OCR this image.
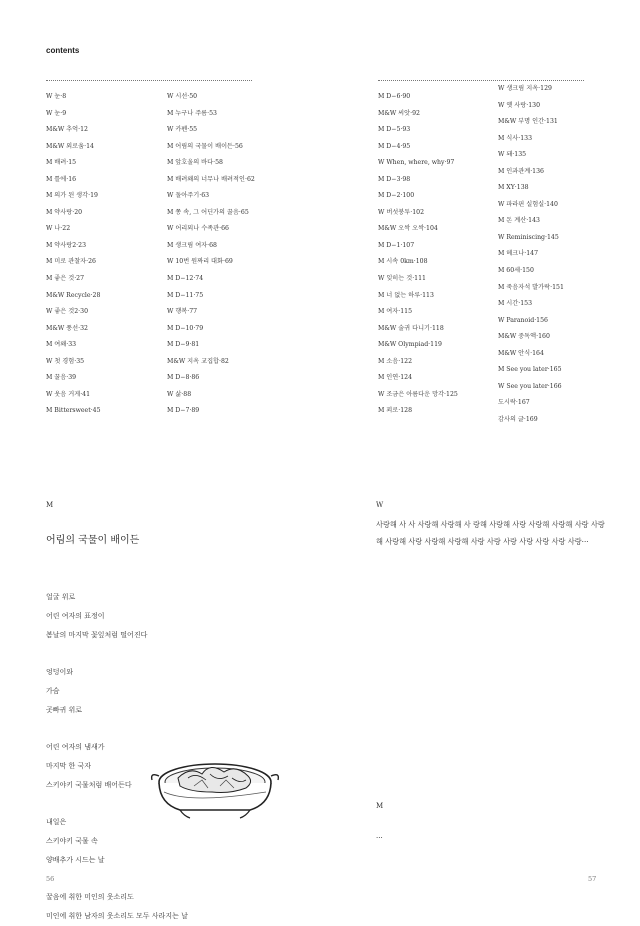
contents
W 눈·8
W 눈·9
M&W 추억·12
M&W 외로움·14
M 배려·15
M 틀에·16
M 의가 된 생각·19
M 약사랑·20
W 나·22
M 약사랑2·23
M 미로 관찰자·26
M 좋은 것·27
M&W Recycle·28
W 좋은 것2·30
M&W 풍선·32
M 여왜·33
W 첫 경험·35
M 꿀음·39
W 웃음 거게·41
M Bittersweet·45
W 시선·50
M 누구나 주름·53
W 카펜·55
M 어림의 국물이 배이든·56
M 앞호울의 바다·58
M 배려왜의 너무나 배려적인·62
W 돌아주기·63
M 쫑 속, 그 어딘가의 꿀음·65
W 어리뫼나 수족관·66
M 생크림 여자·68
W 10번 원짜리 대화·69
M D−12·74
M D−11·75
W 행복·77
M D−10·79
M D−9·81
M&W 지옥 교집합·82
M D−8·86
W 삶·88
M D−7·89
M D−6·90
M&W 씨앗·92
M D−5·93
M D−4·95
W When, where, why·97
M D−3·98
M D−2·100
W 버섯붕투·102
M&W 오싹 오싹·104
M D−1·107
M 시속 0km·108
W 잊히는 것·111
M 너 없는 하루·113
M 여자·115
M&W 술귀 다니기·118
M&W Olympiad·119
M 소음·122
M 인연·124
W 조금은 아름다운 망각·125
M 꾀로·128
W 생크림 지옥·129
W 옛 사랑·130
M&W 부명 인간·131
M 식사·133
W 돼·135
M 인과관계·136
M XY·138
W 파라핀 실험실·140
M 돈 계산·143
W Reminiscing·145
M 헤크나·147
M 60세·150
M 죽음자석 발가락·151
M 시간·153
W Paranoid·156
M&W 중독액·160
M&W 안식·164
M See you later·165
W See you later·166
도시락·167
감사의 글·169
M
어림의 국물이 배이든
얼굴 위로
어린 여자의 표정이
봄날의 마지막 꽃잎처럼 떨어진다
엉덩이와
가슴
곳빠귀 위로
어린 여자의 냄새가
마지막 한 국자
스키야키 국물처럼 배어든다
내일은
스키야키 국물 속
양배추가 시드는 날
꿀음에 취한 미인의 웃소리도
미인에 취한 남자의 웃소리도 모두 사라지는 날
56
W
사랑해 사 사 사랑해 사랑해 사 랑해 사랑해 사랑 사랑해 사랑해 사랑 사랑해 사랑해 사랑 사랑해 사랑해 사랑 사랑 사랑 사랑 사랑 사랑 사랑···
M
···
57
